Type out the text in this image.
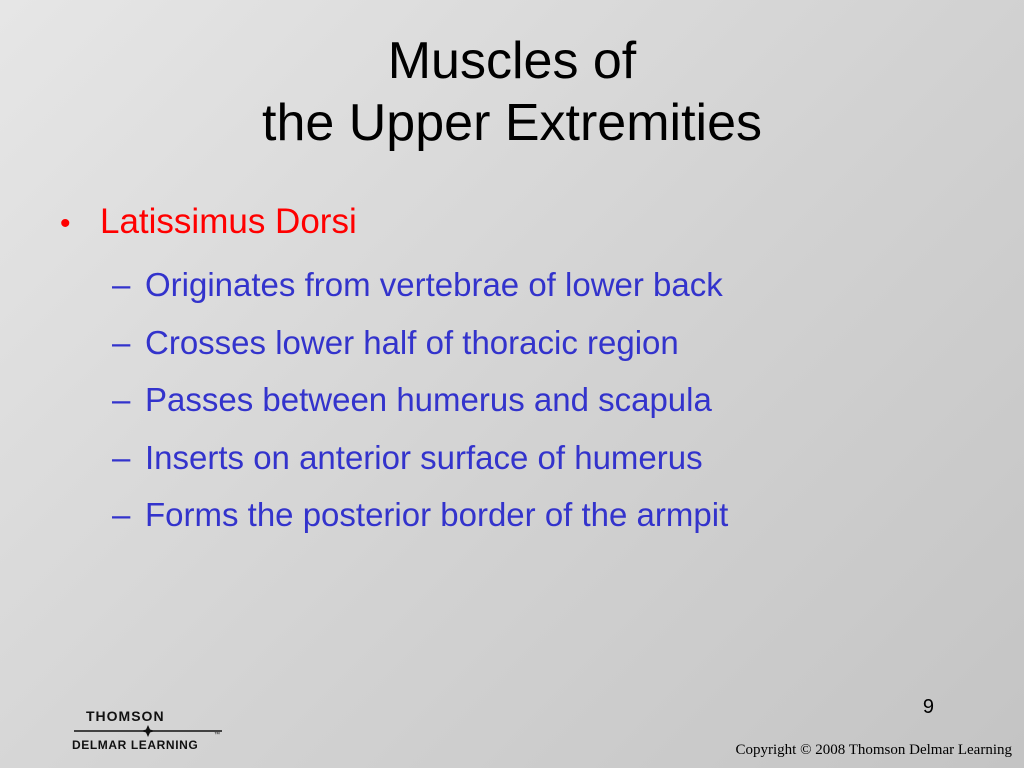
Muscles of
the Upper Extremities
• Latissimus Dorsi
– Originates from vertebrae of lower back
– Crosses lower half of thoracic region
– Passes between humerus and scapula
– Inserts on anterior surface of humerus
– Forms the posterior border of the armpit
9
THOMSON
DELMAR LEARNING
™
Copyright © 2008 Thomson Delmar Learning
